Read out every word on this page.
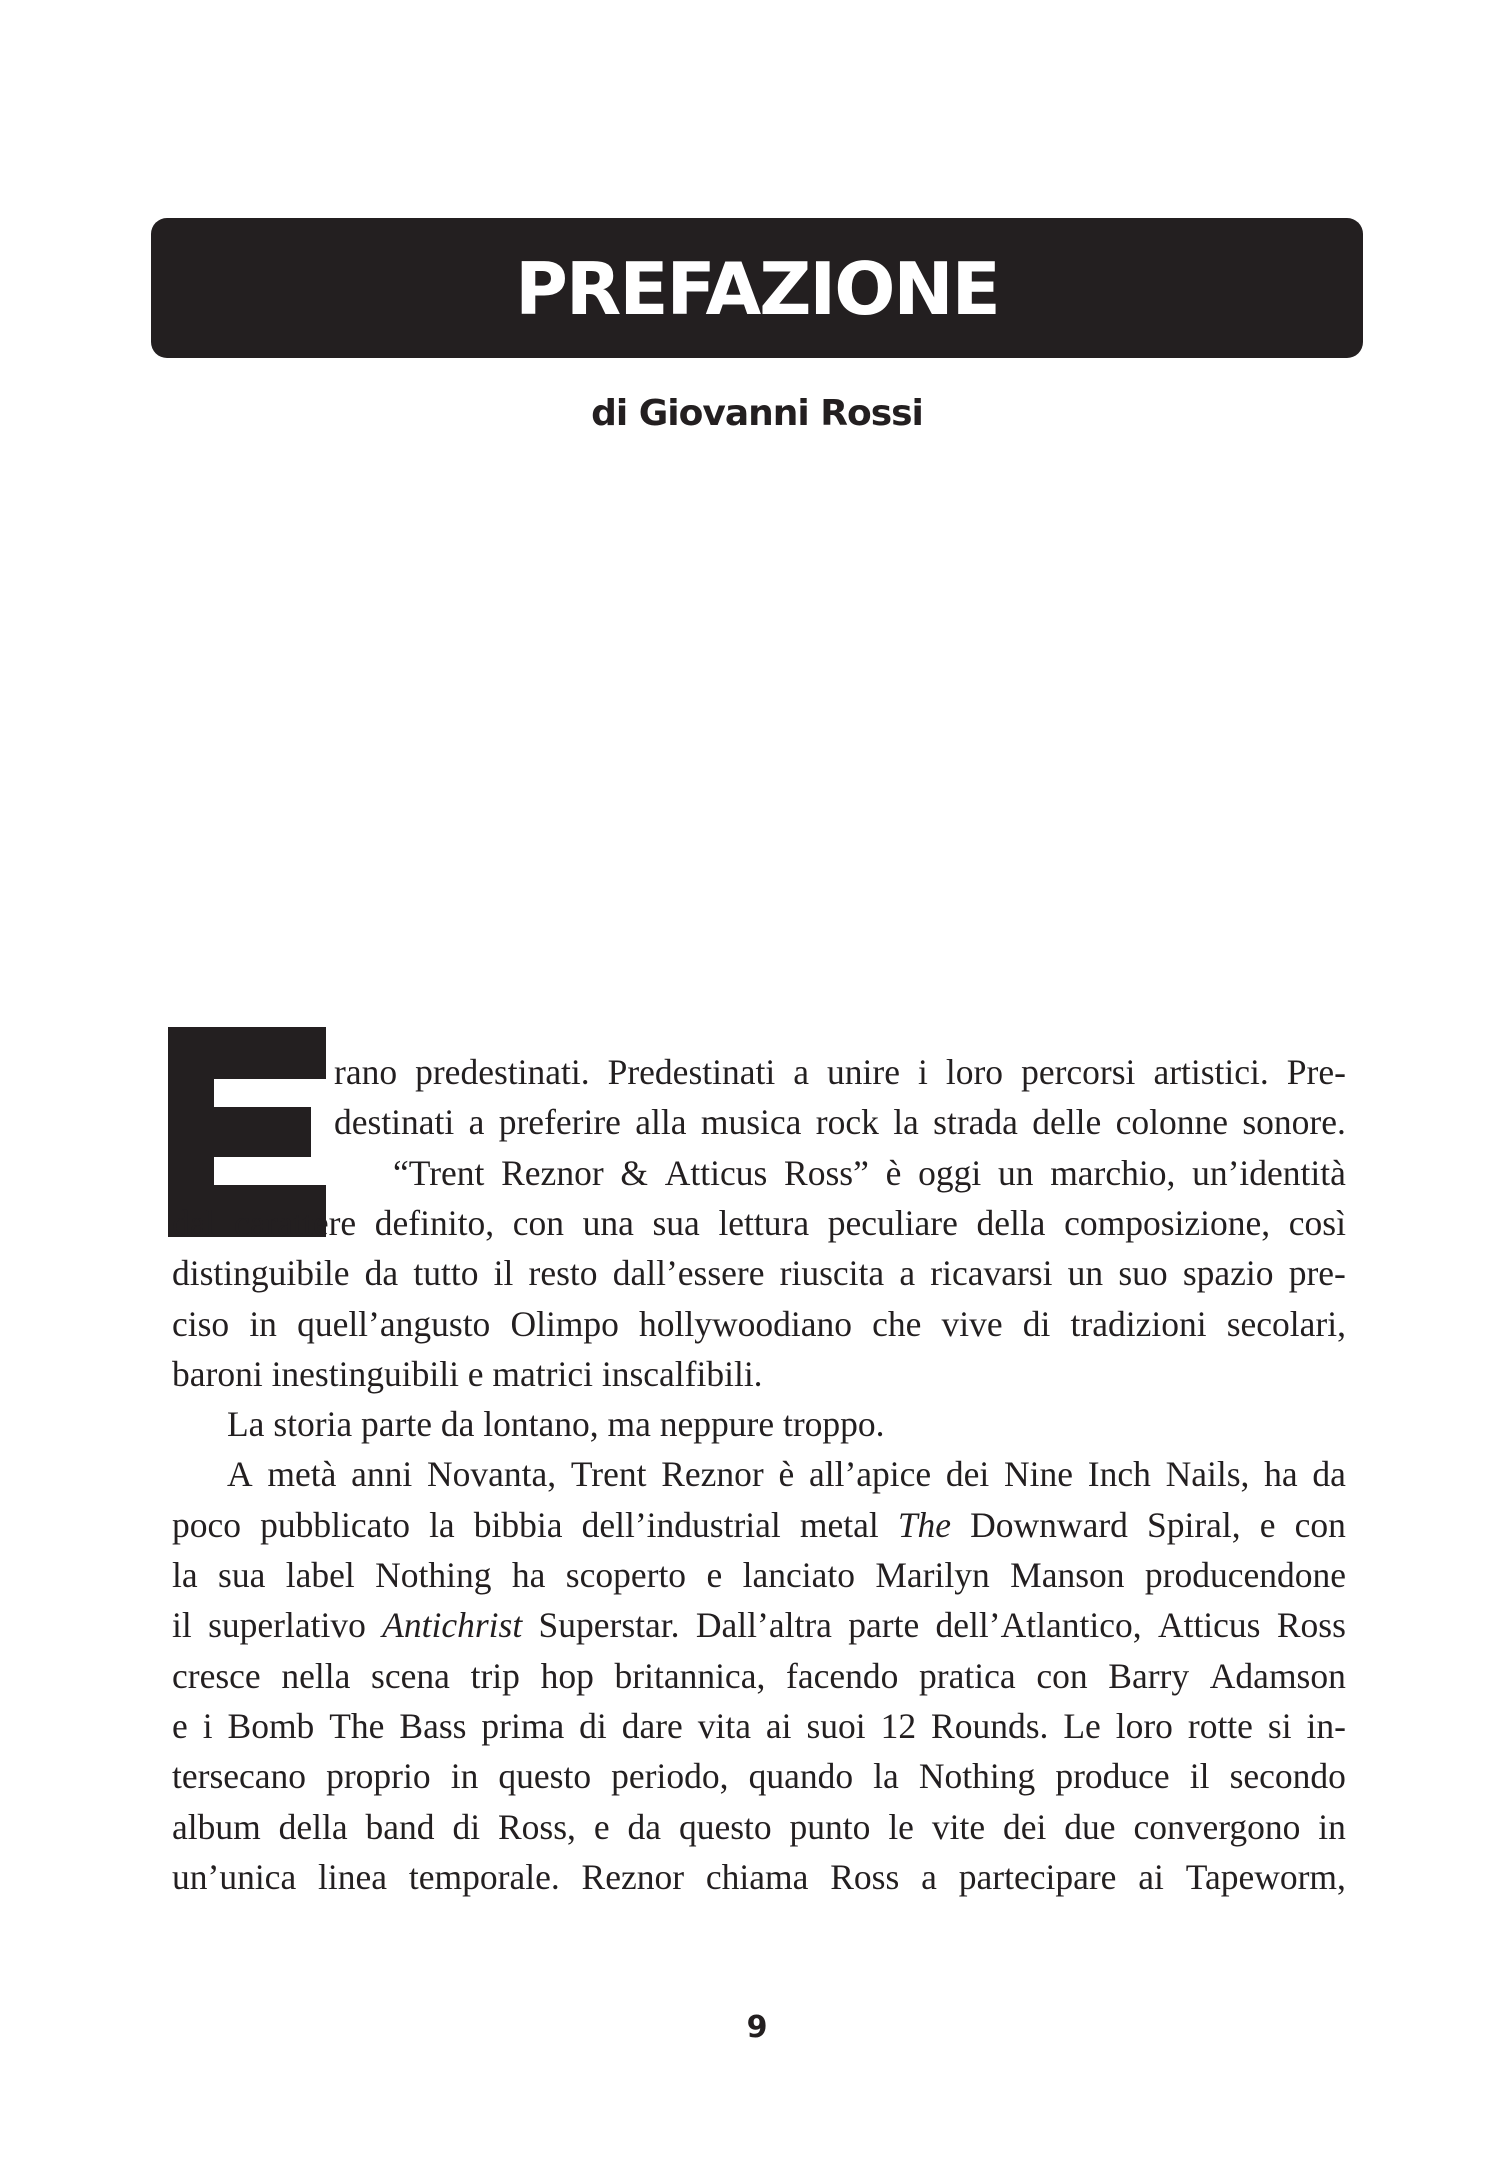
PREFAZIONE
di Giovanni Rossi
rano predestinati. Predestinati a unire i loro percorsi artistici. Pre-
destinati a preferire alla musica rock la strada delle colonne sonore.
“Trent Reznor & Atticus Ross” è oggi un marchio, un’identità
dal carattere definito, con una sua lettura peculiare della composizione, così
distinguibile da tutto il resto dall’essere riuscita a ricavarsi un suo spazio pre-
ciso in quell’angusto Olimpo hollywoodiano che vive di tradizioni secolari,
baroni inestinguibili e matrici inscalfibili.
La storia parte da lontano, ma neppure troppo.
A metà anni Novanta, Trent Reznor è all’apice dei Nine Inch Nails, ha da
poco pubblicato la bibbia dell’industrial metal The Downward Spiral, e con
la sua label Nothing ha scoperto e lanciato Marilyn Manson producendone
il superlativo Antichrist Superstar. Dall’altra parte dell’Atlantico, Atticus Ross
cresce nella scena trip hop britannica, facendo pratica con Barry Adamson
e i Bomb The Bass prima di dare vita ai suoi 12 Rounds. Le loro rotte si in-
tersecano proprio in questo periodo, quando la Nothing produce il secondo
album della band di Ross, e da questo punto le vite dei due convergono in
un’unica linea temporale. Reznor chiama Ross a partecipare ai Tapeworm,
9
